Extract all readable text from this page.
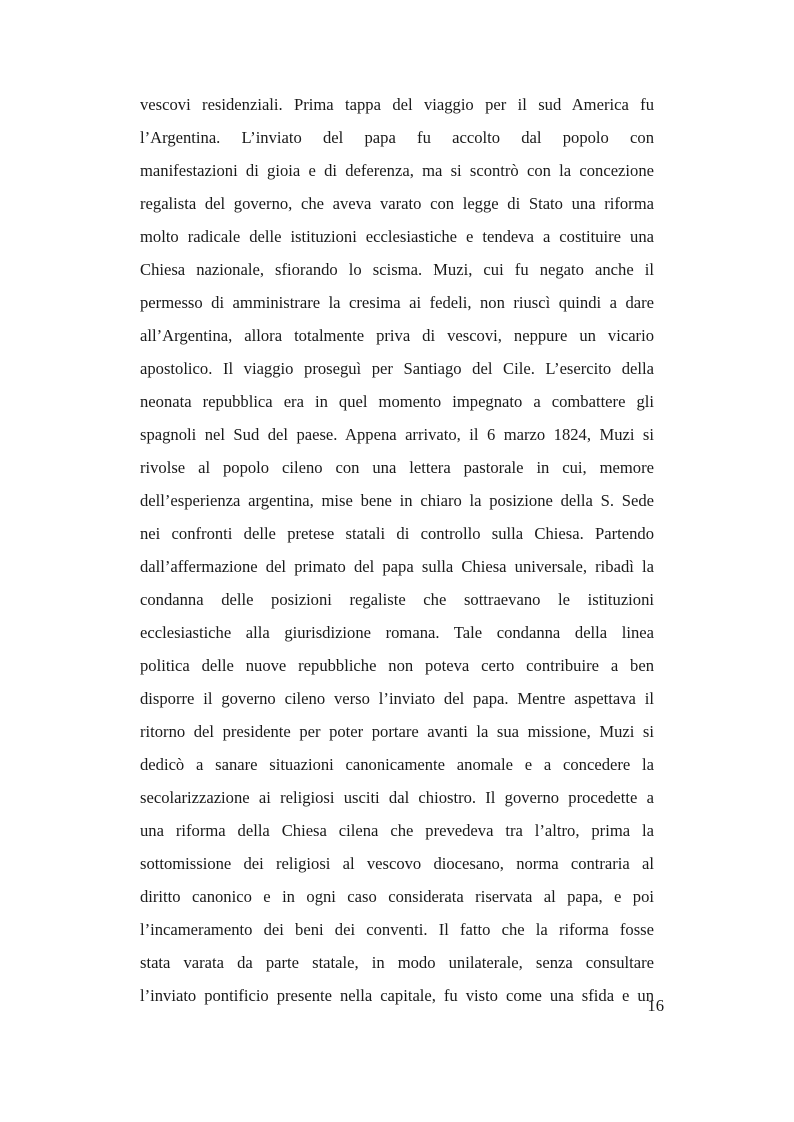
vescovi residenziali. Prima tappa del viaggio per il sud America fu
l’Argentina. L’inviato del papa fu accolto dal popolo con
manifestazioni di gioia e di deferenza, ma si scontrò con la concezione
regalista del governo, che aveva varato con legge di Stato una riforma
molto radicale delle istituzioni ecclesiastiche e tendeva a costituire una
Chiesa nazionale, sfiorando lo scisma. Muzi, cui fu negato anche il
permesso di amministrare la cresima ai fedeli, non riuscì quindi a dare
all’Argentina, allora totalmente priva di vescovi, neppure un vicario
apostolico. Il viaggio proseguì per Santiago del Cile. L’esercito della
neonata repubblica era in quel momento impegnato a combattere gli
spagnoli nel Sud del paese. Appena arrivato, il 6 marzo 1824, Muzi si
rivolse al popolo cileno con una lettera pastorale in cui, memore
dell’esperienza argentina, mise bene in chiaro la posizione della S. Sede
nei confronti delle pretese statali di controllo sulla Chiesa. Partendo
dall’affermazione del primato del papa sulla Chiesa universale, ribadì la
condanna delle posizioni regaliste che sottraevano le istituzioni
ecclesiastiche alla giurisdizione romana. Tale condanna della linea
politica delle nuove repubbliche non poteva certo contribuire a ben
disporre il governo cileno verso l’inviato del papa. Mentre aspettava il
ritorno del presidente per poter portare avanti la sua missione, Muzi si
dedicò a sanare situazioni canonicamente anomale e a concedere la
secolarizzazione ai religiosi usciti dal chiostro. Il governo procedette a
una riforma della Chiesa cilena che prevedeva tra l’altro, prima la
sottomissione dei religiosi al vescovo diocesano, norma contraria al
diritto canonico e in ogni caso considerata riservata al papa, e poi
l’incameramento dei beni dei conventi. Il fatto che la riforma fosse
stata varata da parte statale, in modo unilaterale, senza consultare
l’inviato pontificio presente nella capitale, fu visto come una sfida e un
16
